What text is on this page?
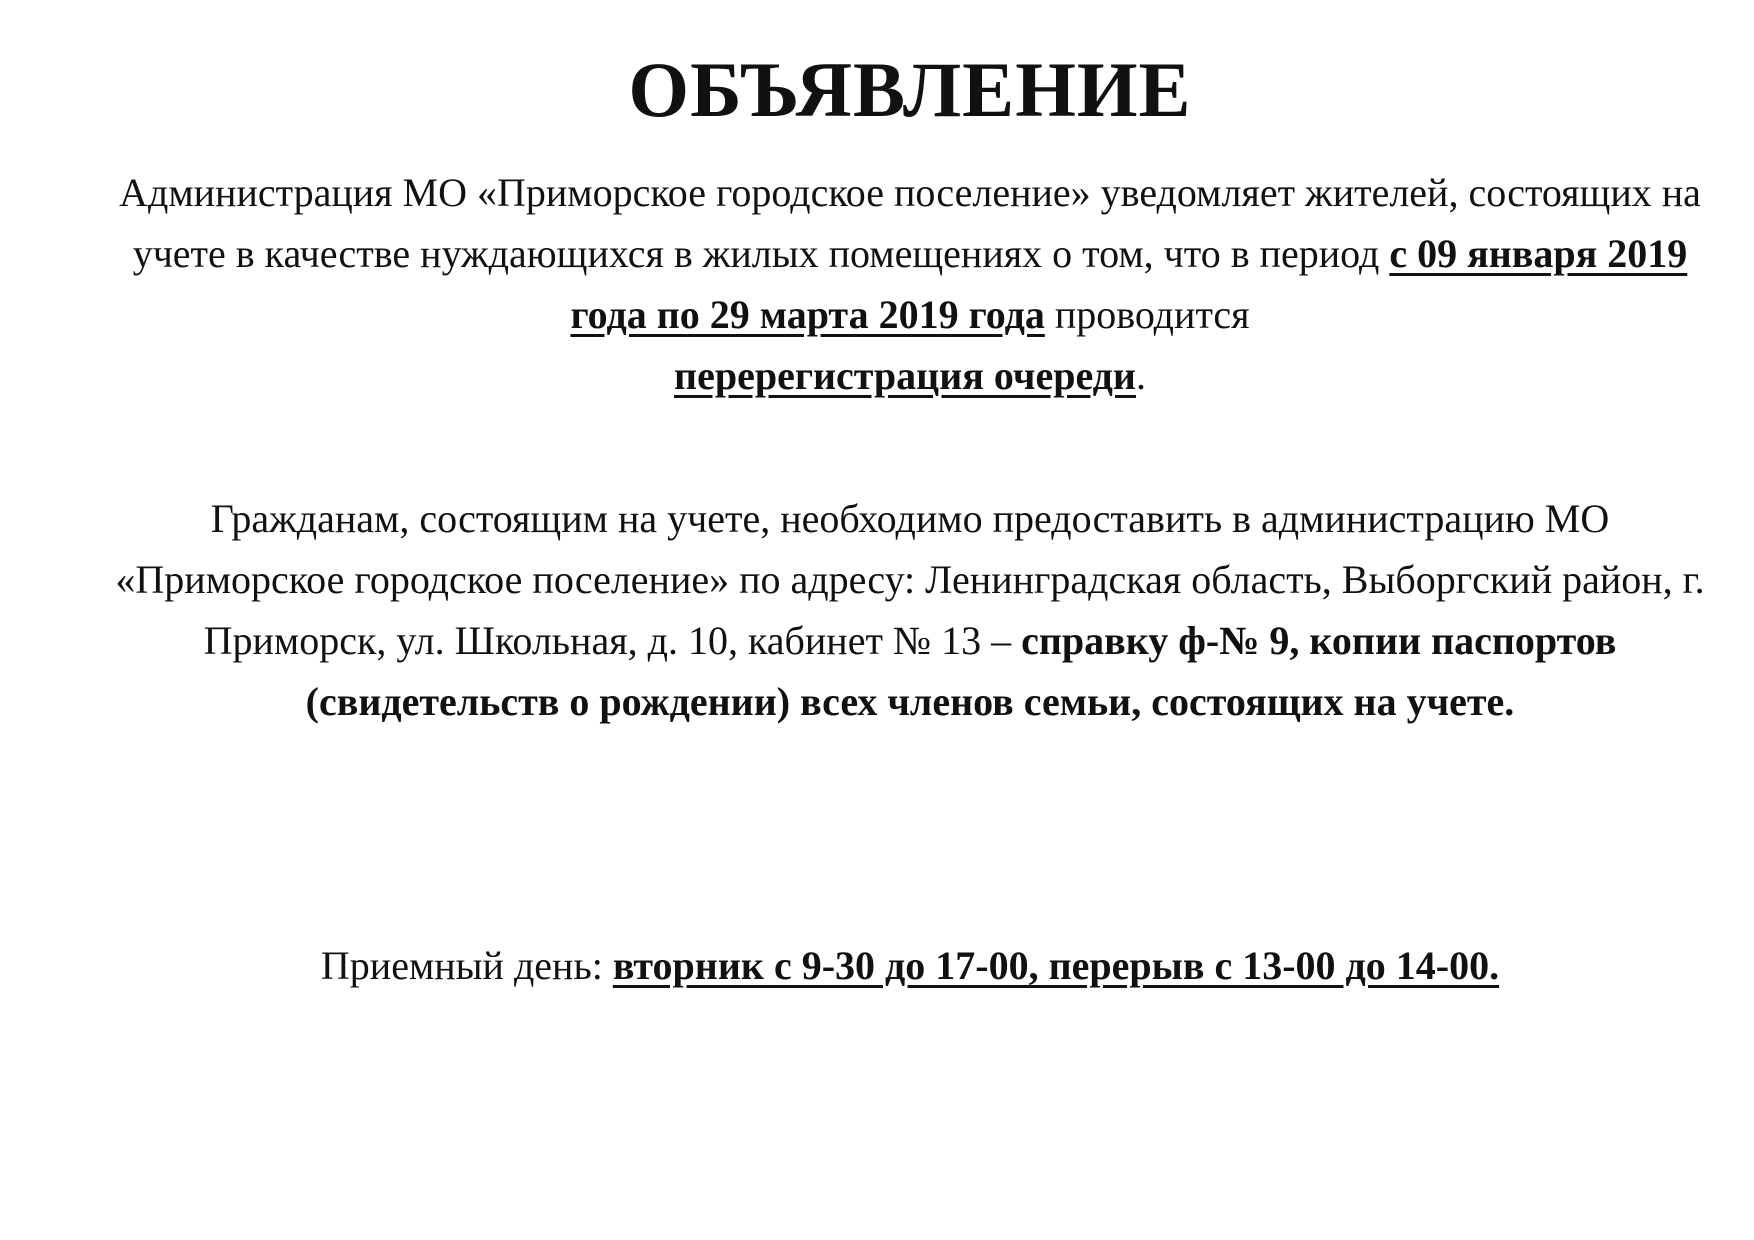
ОБЪЯВЛЕНИЕ
Администрация МО «Приморское городское поселение» уведомляет жителей, состоящих на учете в качестве нуждающихся в жилых помещениях о том, что в период с 09 января 2019 года по 29 марта 2019 года проводится
перерегистрация очереди.
Гражданам, состоящим на учете, необходимо предоставить в администрацию МО «Приморское городское поселение» по адресу: Ленинградская область, Выборгский район, г. Приморск, ул. Школьная, д. 10, кабинет № 13 – справку ф-№ 9, копии паспортов (свидетельств о рождении) всех членов семьи, состоящих на учете.
Приемный день: вторник с 9-30 до 17-00, перерыв с 13-00 до 14-00.
